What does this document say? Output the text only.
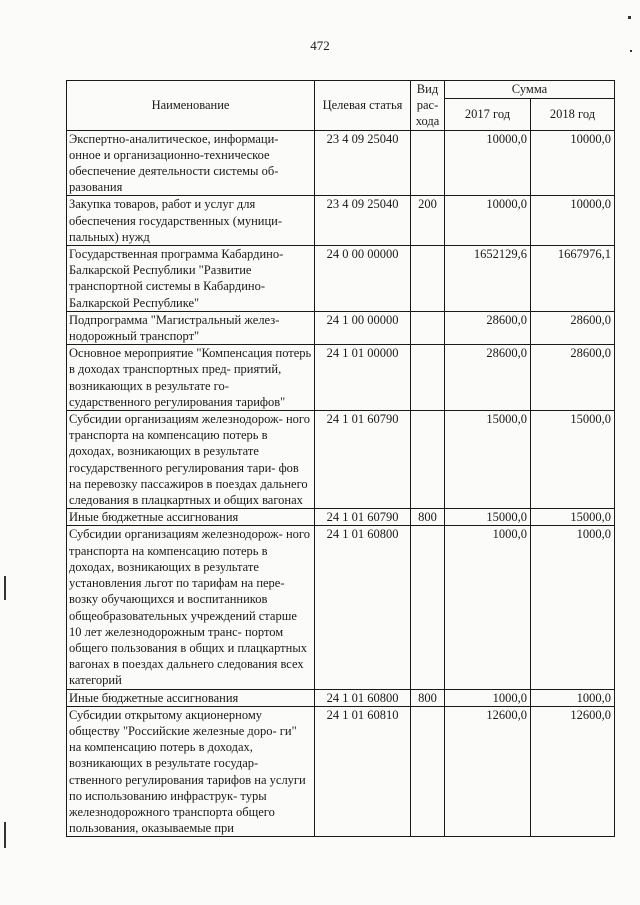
472
Наименование	Целевая статья	Вид рас- хода	Сумма	
			2017 год	2018 год
Экспертно-аналитическое, информаци- онное и организационно-техническое обеспечение деятельности системы об- разования	23 4 09 25040		10000,0	10000,0
Закупка товаров, работ и услуг для обеспечения государственных (муници- пальных) нужд	23 4 09 25040	200	10000,0	10000,0
Государственная программа Кабардино- Балкарской Республики "Развитие транспортной системы в Кабардино- Балкарской Республике"	24 0 00 00000		1652129,6	1667976,1
Подпрограмма "Магистральный желез- нодорожный транспорт"	24 1 00 00000		28600,0	28600,0
Основное мероприятие "Компенсация потерь в доходах транспортных пред- приятий, возникающих в результате го- сударственного регулирования тарифов"	24 1 01 00000		28600,0	28600,0
Субсидии организациям железнодорож- ного транспорта на компенсацию потерь в доходах, возникающих в результате государственного регулирования тари- фов на перевозку пассажиров в поездах дальнего следования в плацкартных и общих вагонах	24 1 01 60790		15000,0	15000,0
Иные бюджетные ассигнования	24 1 01 60790	800	15000,0	15000,0
Субсидии организациям железнодорож- ного транспорта на компенсацию потерь в доходах, возникающих в результате установления льгот по тарифам на пере- возку обучающихся и воспитанников общеобразовательных учреждений старше 10 лет железнодорожным транс- портом общего пользования в общих и плацкартных вагонах в поездах дальнего следования всех категорий	24 1 01 60800		1000,0	1000,0
Иные бюджетные ассигнования	24 1 01 60800	800	1000,0	1000,0
Субсидии открытому акционерному обществу "Российские железные доро- ги" на компенсацию потерь в доходах, возникающих в результате государ- ственного регулирования тарифов на услуги по использованию инфраструк- туры железнодорожного транспорта общего пользования, оказываемые при	24 1 01 60810		12600,0	12600,0
